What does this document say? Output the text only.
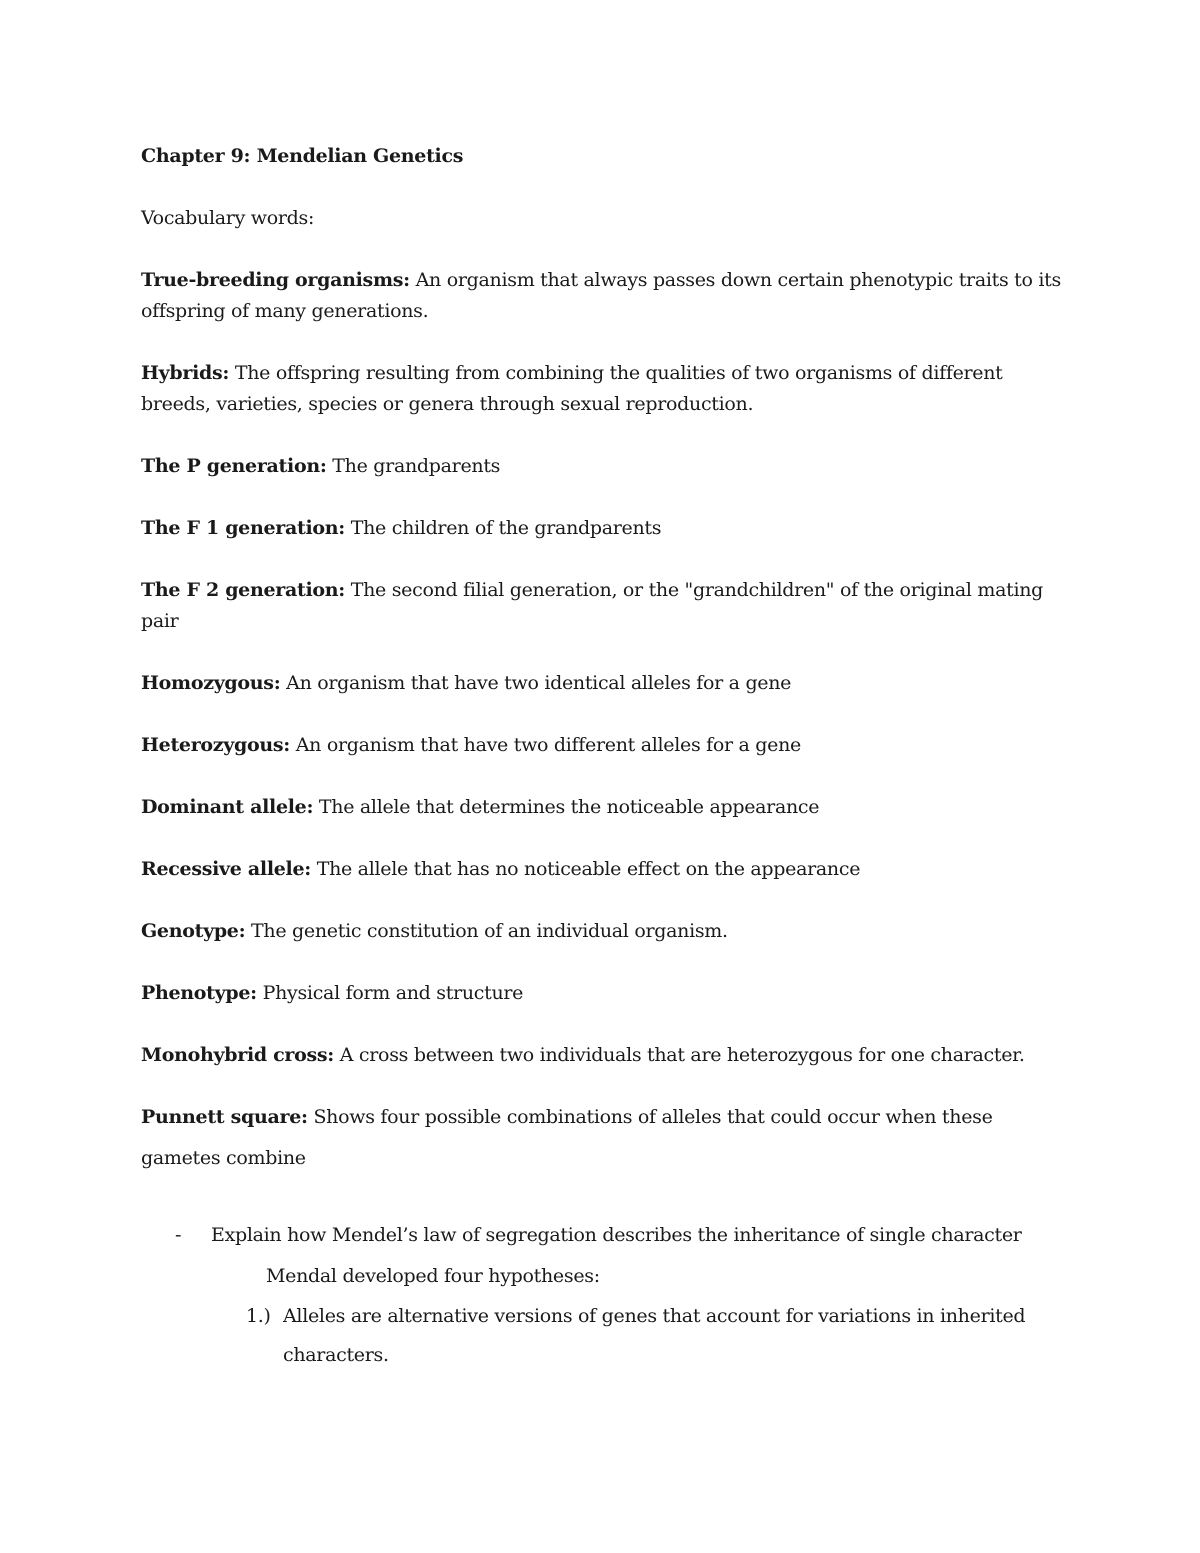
Chapter 9: Mendelian Genetics
Vocabulary words:
True-breeding organisms: An organism that always passes down certain phenotypic traits to its offspring of many generations.
Hybrids: The offspring resulting from combining the qualities of two organisms of different breeds, varieties, species or genera through sexual reproduction.
The P generation: The grandparents
The F 1 generation: The children of the grandparents
The F 2 generation: The second filial generation, or the "grandchildren" of the original mating pair
Homozygous: An organism that have two identical alleles for a gene
Heterozygous: An organism that have two different alleles for a gene
Dominant allele: The allele that determines the noticeable appearance
Recessive allele: The allele that has no noticeable effect on the appearance
Genotype: The genetic constitution of an individual organism.
Phenotype: Physical form and structure
Monohybrid cross: A cross between two individuals that are heterozygous for one character.
Punnett square: Shows four possible combinations of alleles that could occur when these gametes combine
- Explain how Mendel’s law of segregation describes the inheritance of single character
Mendal developed four hypotheses:
1.) Alleles are alternative versions of genes that account for variations in inherited characters.
